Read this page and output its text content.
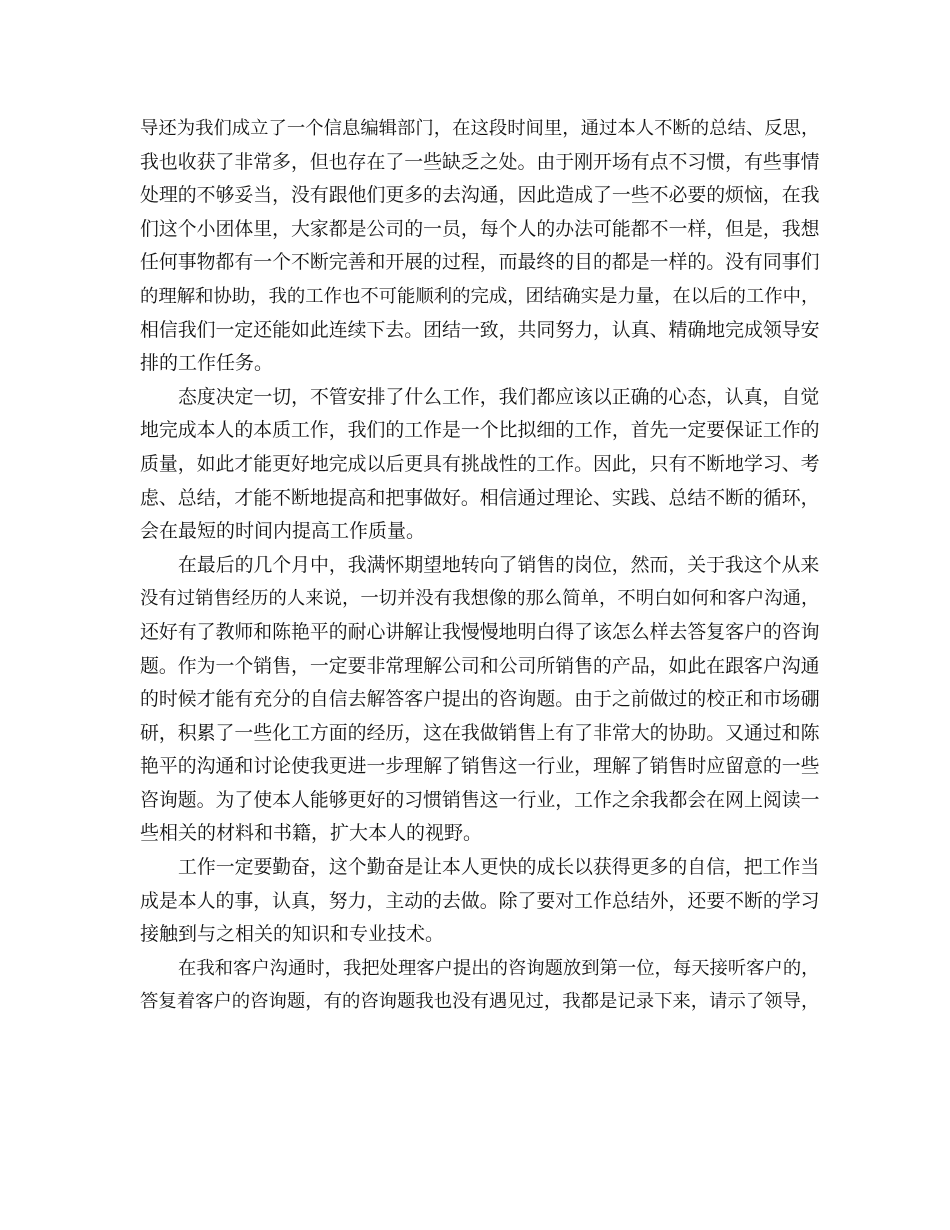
导还为我们成立了一个信息编辑部门，在这段时间里，通过本人不断的总结、反思，
我也收获了非常多，但也存在了一些缺乏之处。由于刚开场有点不习惯，有些事情
处理的不够妥当，没有跟他们更多的去沟通，因此造成了一些不必要的烦恼，在我
们这个小团体里，大家都是公司的一员，每个人的办法可能都不一样，但是，我想
任何事物都有一个不断完善和开展的过程，而最终的目的都是一样的。没有同事们
的理解和协助，我的工作也不可能顺利的完成，团结确实是力量，在以后的工作中，
相信我们一定还能如此连续下去。团结一致，共同努力，认真、精确地完成领导安
排的工作任务。
态度决定一切，不管安排了什么工作，我们都应该以正确的心态，认真，自觉
地完成本人的本质工作，我们的工作是一个比拟细的工作，首先一定要保证工作的
质量，如此才能更好地完成以后更具有挑战性的工作。因此，只有不断地学习、考
虑、总结，才能不断地提高和把事做好。相信通过理论、实践、总结不断的循环，
会在最短的时间内提高工作质量。
在最后的几个月中，我满怀期望地转向了销售的岗位，然而，关于我这个从来
没有过销售经历的人来说，一切并没有我想像的那么简单，不明白如何和客户沟通，
还好有了教师和陈艳平的耐心讲解让我慢慢地明白得了该怎么样去答复客户的咨询
题。作为一个销售，一定要非常理解公司和公司所销售的产品，如此在跟客户沟通
的时候才能有充分的自信去解答客户提出的咨询题。由于之前做过的校正和市场硼
研，积累了一些化工方面的经历，这在我做销售上有了非常大的协助。又通过和陈
艳平的沟通和讨论使我更进一步理解了销售这一行业，理解了销售时应留意的一些
咨询题。为了使本人能够更好的习惯销售这一行业，工作之余我都会在网上阅读一
些相关的材料和书籍，扩大本人的视野。
工作一定要勤奋，这个勤奋是让本人更快的成长以获得更多的自信，把工作当
成是本人的事，认真，努力，主动的去做。除了要对工作总结外，还要不断的学习
接触到与之相关的知识和专业技术。
在我和客户沟通时，我把处理客户提出的咨询题放到第一位，每天接听客户的，
答复着客户的咨询题，有的咨询题我也没有遇见过，我都是记录下来，请示了领导，
